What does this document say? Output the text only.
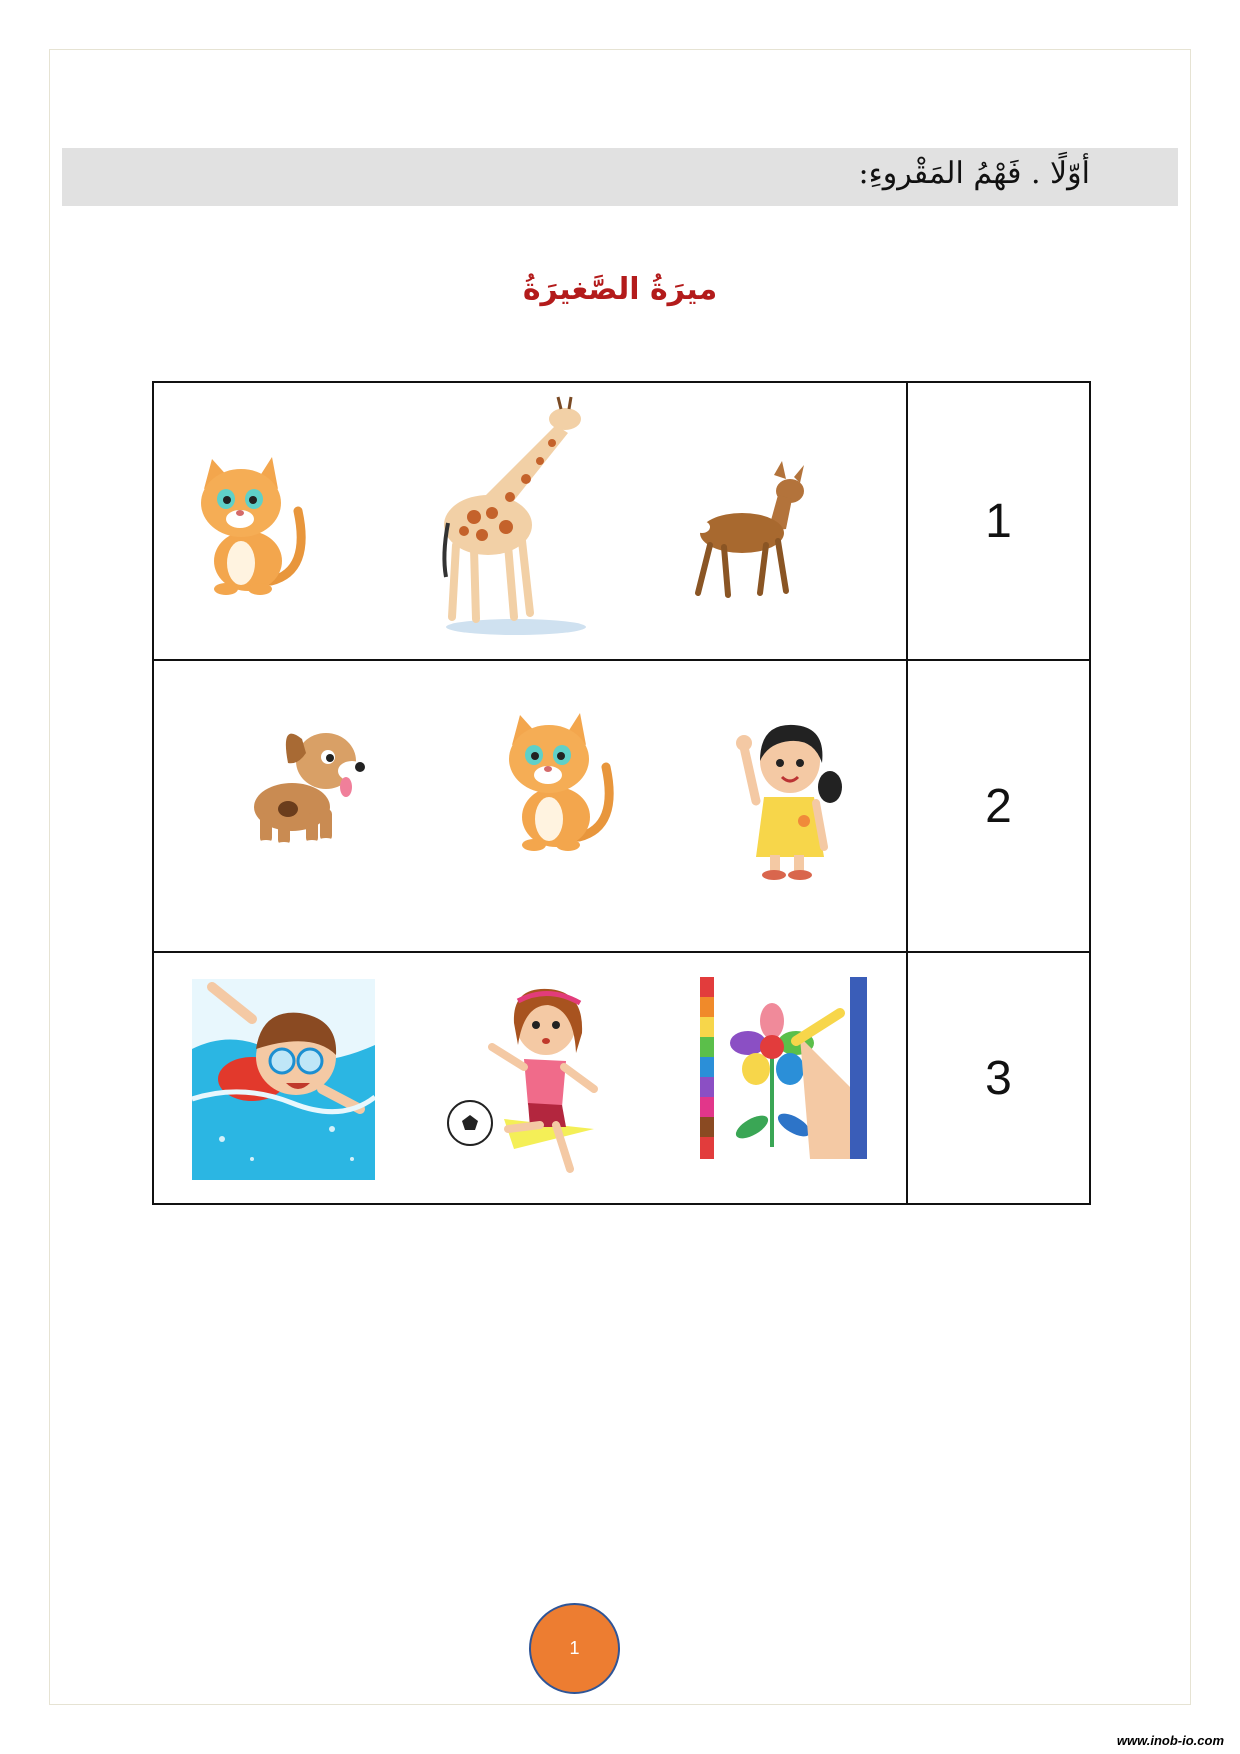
أوّلًا . فَهْمُ المَقْروءِ:
ميرَةُ الصَّغيرَةُ
	1

	2

	3
1
www.inob-io.com
